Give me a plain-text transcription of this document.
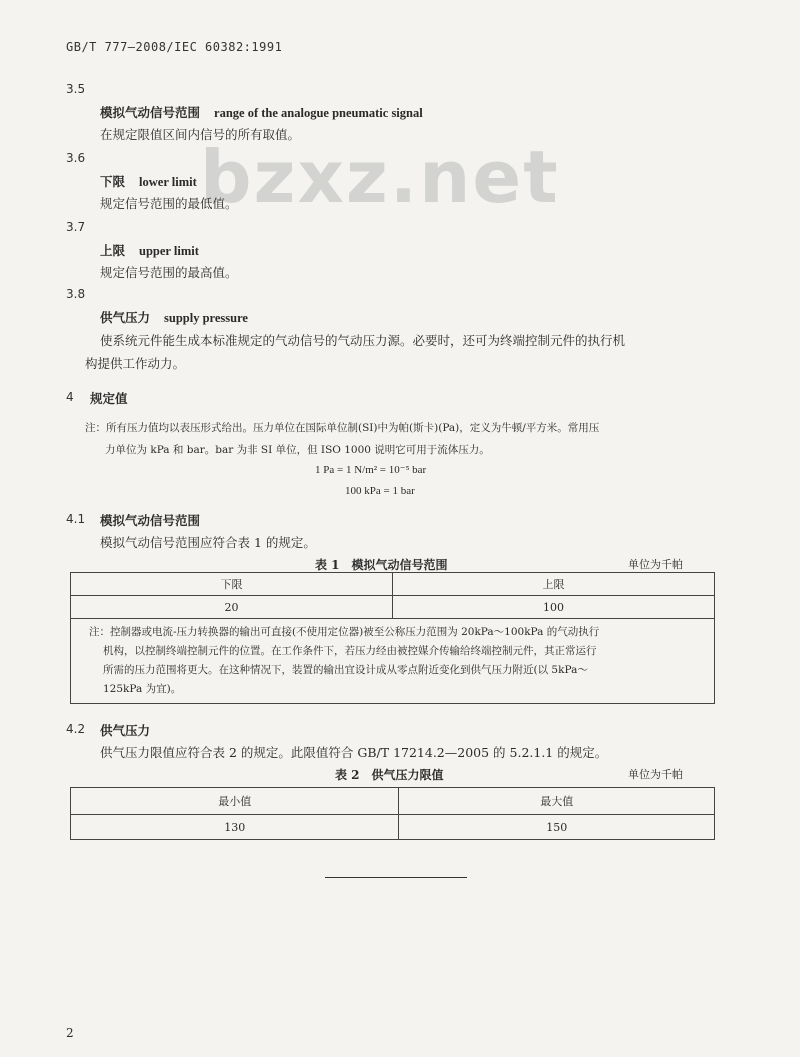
GB/T 777—2008/IEC 60382:1991
bzxz.net
3.5
模拟气动信号范围 range of the analogue pneumatic signal
在规定限值区间内信号的所有取值。
3.6
下限 lower limit
规定信号范围的最低值。
3.7
上限 upper limit
规定信号范围的最高值。
3.8
供气压力 supply pressure
使系统元件能生成本标准规定的气动信号的气动压力源。必要时，还可为终端控制元件的执行机
构提供工作动力。
4 规定值
注：所有压力值均以表压形式给出。压力单位在国际单位制(SI)中为帕(斯卡)(Pa)，定义为牛顿/平方米。常用压
力单位为 kPa 和 bar。bar 为非 SI 单位，但 ISO 1000 说明它可用于流体压力。
1 Pa = 1 N/m² = 10⁻⁵ bar
100 kPa = 1 bar
4.1 模拟气动信号范围
模拟气动信号范围应符合表 1 的规定。
表 1　模拟气动信号范围	单位为千帕
下限	上限
20	100

注：控制器或电流-压力转换器的输出可直接(不使用定位器)被至公称压力范围为 20kPa～100kPa 的气动执行
机构，以控制终端控制元件的位置。在工作条件下，若压力经由被控媒介传输给终端控制元件，其正常运行
所需的压力范围将更大。在这种情况下，装置的输出宜设计成从零点附近变化到供气压力附近(以 5kPa～
125kPa 为宜)。	
4.2 供气压力
供气压力限值应符合表 2 的规定。此限值符合 GB/T 17214.2—2005 的 5.2.1.1 的规定。
表 2　供气压力限值	单位为千帕
最小值	最大值
130	150
2
